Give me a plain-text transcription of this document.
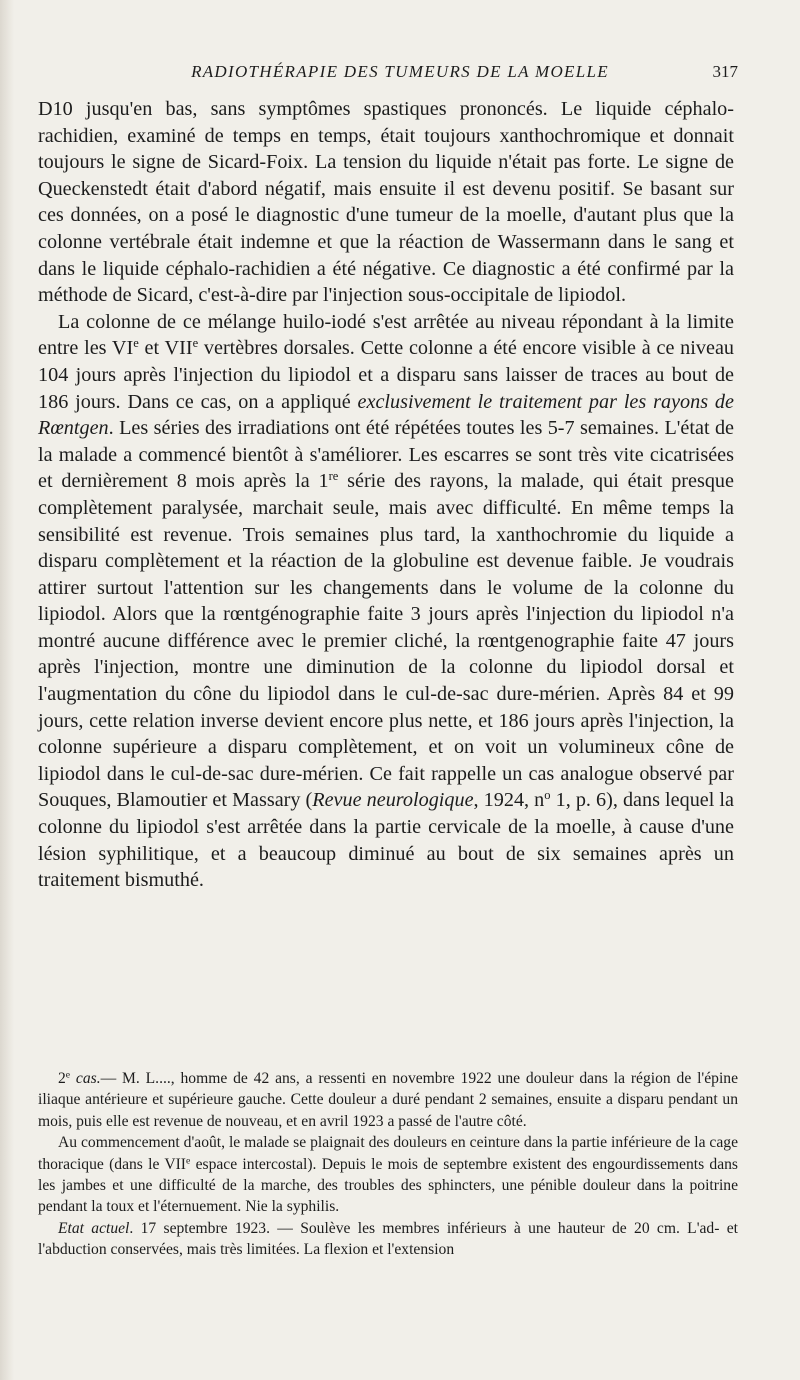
RADIOTHÉRAPIE DES TUMEURS DE LA MOELLE	317

D10 jusqu'en bas, sans symptômes spastiques prononcés. Le liquide céphalo-rachidien, examiné de temps en temps, était toujours xanthochromique et donnait toujours le signe de Sicard-Foix. La tension du liquide n'était pas forte. Le signe de Queckenstedt était d'abord négatif, mais ensuite il est devenu positif. Se basant sur ces données, on a posé le diagnostic d'une tumeur de la moelle, d'autant plus que la colonne vertébrale était indemne et que la réaction de Wassermann dans le sang et dans le liquide céphalo-rachidien a été négative. Ce diagnostic a été confirmé par la méthode de Sicard, c'est-à-dire par l'injection sous-occipitale de lipiodol.

La colonne de ce mélange huilo-iodé s'est arrêtée au niveau répondant à la limite entre les VIe et VIIe vertèbres dorsales. Cette colonne a été encore visible à ce niveau 104 jours après l'injection du lipiodol et a disparu sans laisser de traces au bout de 186 jours. Dans ce cas, on a appliqué exclusivement le traitement par les rayons de Rœntgen. Les séries des irradiations ont été répétées toutes les 5-7 semaines. L'état de la malade a commencé bientôt à s'améliorer. Les escarres se sont très vite cicatrisées et dernièrement 8 mois après la 1re série des rayons, la malade, qui était presque complètement paralysée, marchait seule, mais avec difficulté. En même temps la sensibilité est revenue. Trois semaines plus tard, la xanthochromie du liquide a disparu complètement et la réaction de la globuline est devenue faible. Je voudrais attirer surtout l'attention sur les changements dans le volume de la colonne du lipiodol. Alors que la rœntgénographie faite 3 jours après l'injection du lipiodol n'a montré aucune différence avec le premier cliché, la rœntgenographie faite 47 jours après l'injection, montre une diminution de la colonne du lipiodol dorsal et l'augmentation du cône du lipiodol dans le cul-de-sac dure-mérien. Après 84 et 99 jours, cette relation inverse devient encore plus nette, et 186 jours après l'injection, la colonne supérieure a disparu complètement, et on voit un volumineux cône de lipiodol dans le cul-de-sac dure-mérien. Ce fait rappelle un cas analogue observé par Souques, Blamoutier et Massary (Revue neurologique, 1924, $n^o$ 1, p. 6), dans lequel la colonne du lipiodol s'est arrêtée dans la partie cervicale de la moelle, à cause d'une lésion syphilitique, et a beaucoup diminué au bout de six semaines après un traitement bismuthé.

2e cas.— M. L...., homme de 42 ans, a ressenti en novembre 1922 une douleur dans la région de l'épine iliaque antérieure et supérieure gauche. Cette douleur a duré pendant 2 semaines, ensuite a disparu pendant un mois, puis elle est revenue de nouveau, et en avril 1923 a passé de l'autre côté.

Au commencement d'août, le malade se plaignait des douleurs en ceinture dans la partie inférieure de la cage thoracique (dans le VIIe espace intercostal). Depuis le mois de septembre existent des engourdissements dans les jambes et une difficulté de la marche, des troubles des sphincters, une pénible douleur dans la poitrine pendant la toux et l'éternuement. Nie la syphilis.

Etat actuel. 17 septembre 1923. — Soulève les membres inférieurs à une hauteur de 20 cm. L'ad- et l'abduction conservées, mais très limitées. La flexion et l'extension
